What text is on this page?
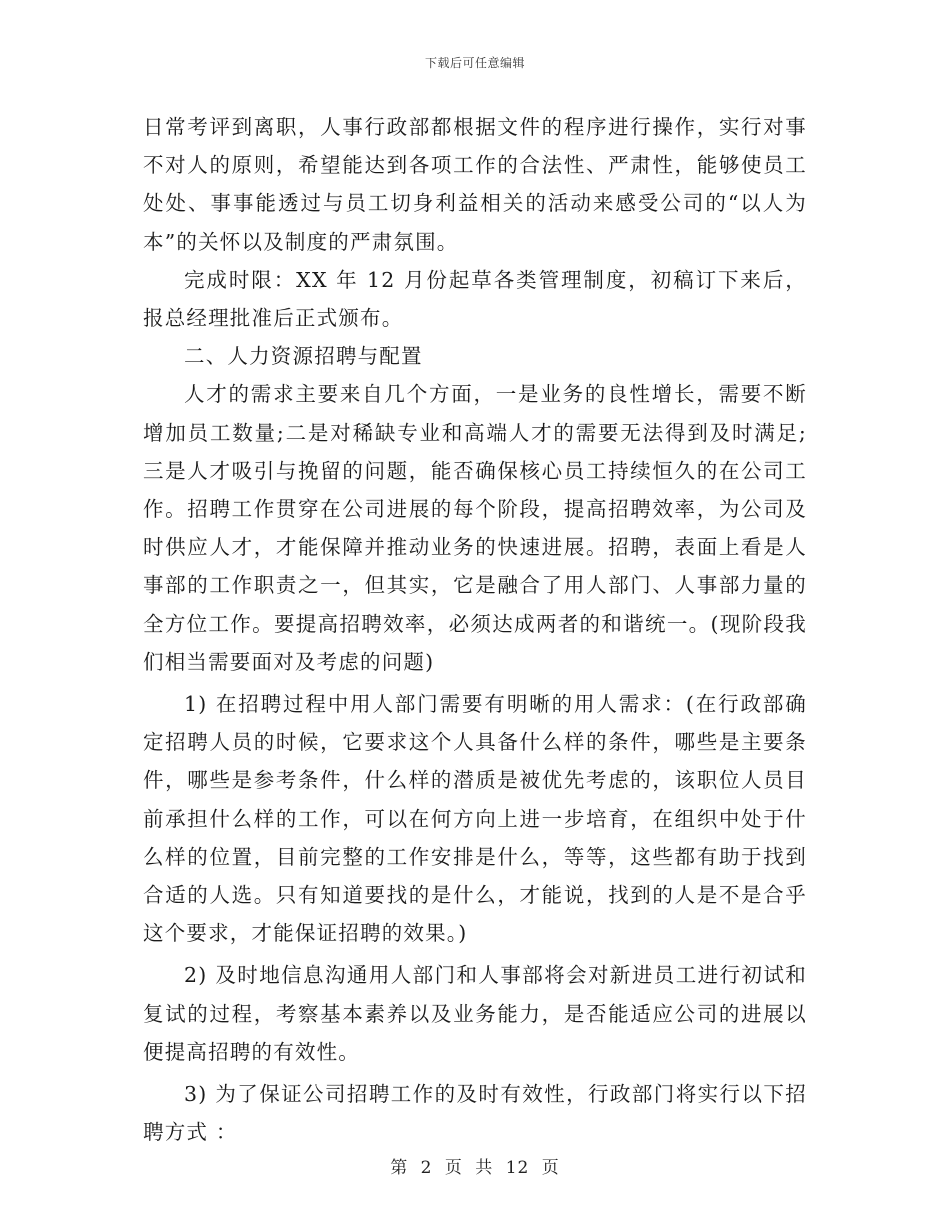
下载后可任意编辑

日常考评到离职，人事行政部都根据文件的程序进行操作，实行对事不对人的原则，希望能达到各项工作的合法性、严肃性，能够使员工处处、事事能透过与员工切身利益相关的活动来感受公司的“以人为本”的关怀以及制度的严肃氛围。

完成时限：XX 年 12 月份起草各类管理制度，初稿订下来后，报总经理批准后正式颁布。

二、人力资源招聘与配置

人才的需求主要来自几个方面，一是业务的良性增长，需要不断增加员工数量;二是对稀缺专业和高端人才的需要无法得到及时满足;三是人才吸引与挽留的问题，能否确保核心员工持续恒久的在公司工作。招聘工作贯穿在公司进展的每个阶段，提高招聘效率，为公司及时供应人才，才能保障并推动业务的快速进展。招聘，表面上看是人事部的工作职责之一，但其实，它是融合了用人部门、人事部力量的全方位工作。要提高招聘效率，必须达成两者的和谐统一。(现阶段我们相当需要面对及考虑的问题)

1) 在招聘过程中用人部门需要有明晰的用人需求：(在行政部确定招聘人员的时候，它要求这个人具备什么样的条件，哪些是主要条件，哪些是参考条件，什么样的潜质是被优先考虑的，该职位人员目前承担什么样的工作，可以在何方向上进一步培育，在组织中处于什么样的位置，目前完整的工作安排是什么，等等，这些都有助于找到合适的人选。只有知道要找的是什么，才能说，找到的人是不是合乎这个要求，才能保证招聘的效果。)

2) 及时地信息沟通用人部门和人事部将会对新进员工进行初试和复试的过程，考察基本素养以及业务能力，是否能适应公司的进展以便提高招聘的有效性。

3) 为了保证公司招聘工作的及时有效性，行政部门将实行以下招聘方式 ：

第 2 页 共 12 页
